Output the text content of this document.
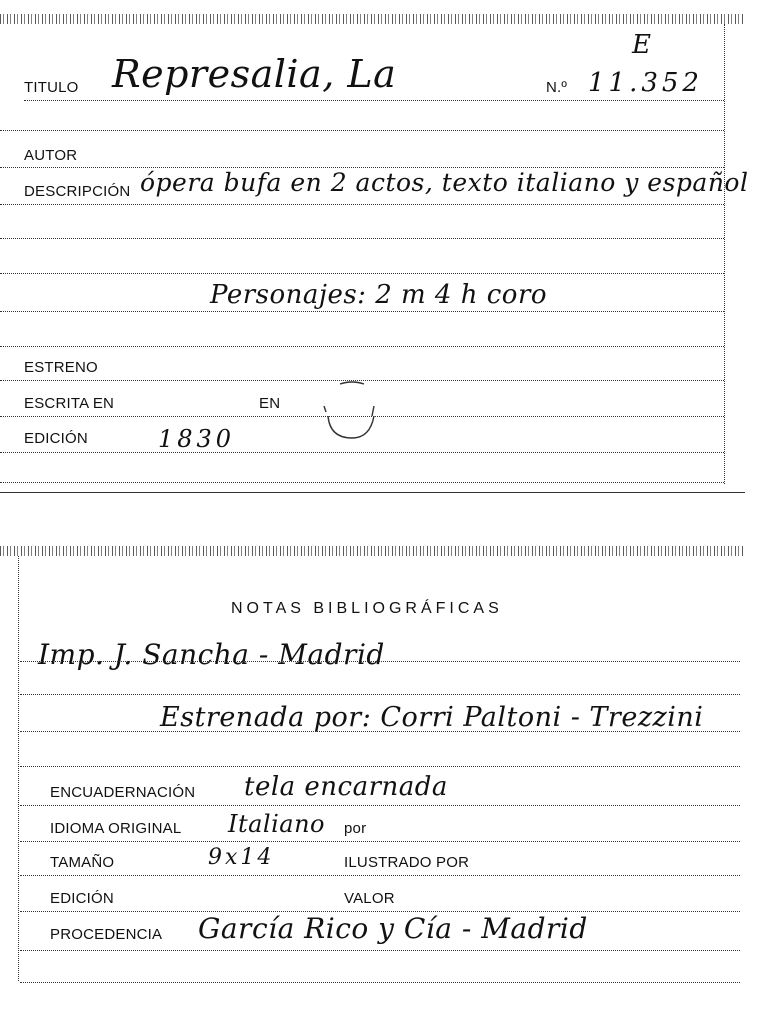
TITULO Represalia, La	N.º 11.352
E
AUTOR
DESCRIPCIÓN ópera bufa en 2 actos, texto italiano y español
Personajes: 2 m 4 h coro
ESTRENO
ESCRITA EN	EN
EDICIÓN	1830
NOTAS BIBLIOGRÁFICAS
Imp. J. Sancha - Madrid
Estrenada por: Corri Paltoni - Trezzini
ENCUADERNACIÓN tela encarnada
IDIOMA ORIGINAL Italiano por
TAMAÑO	9x14	ILUSTRADO POR
EDICIÓN	VALOR
PROCEDENCIA García Rico y Cía - Madrid
